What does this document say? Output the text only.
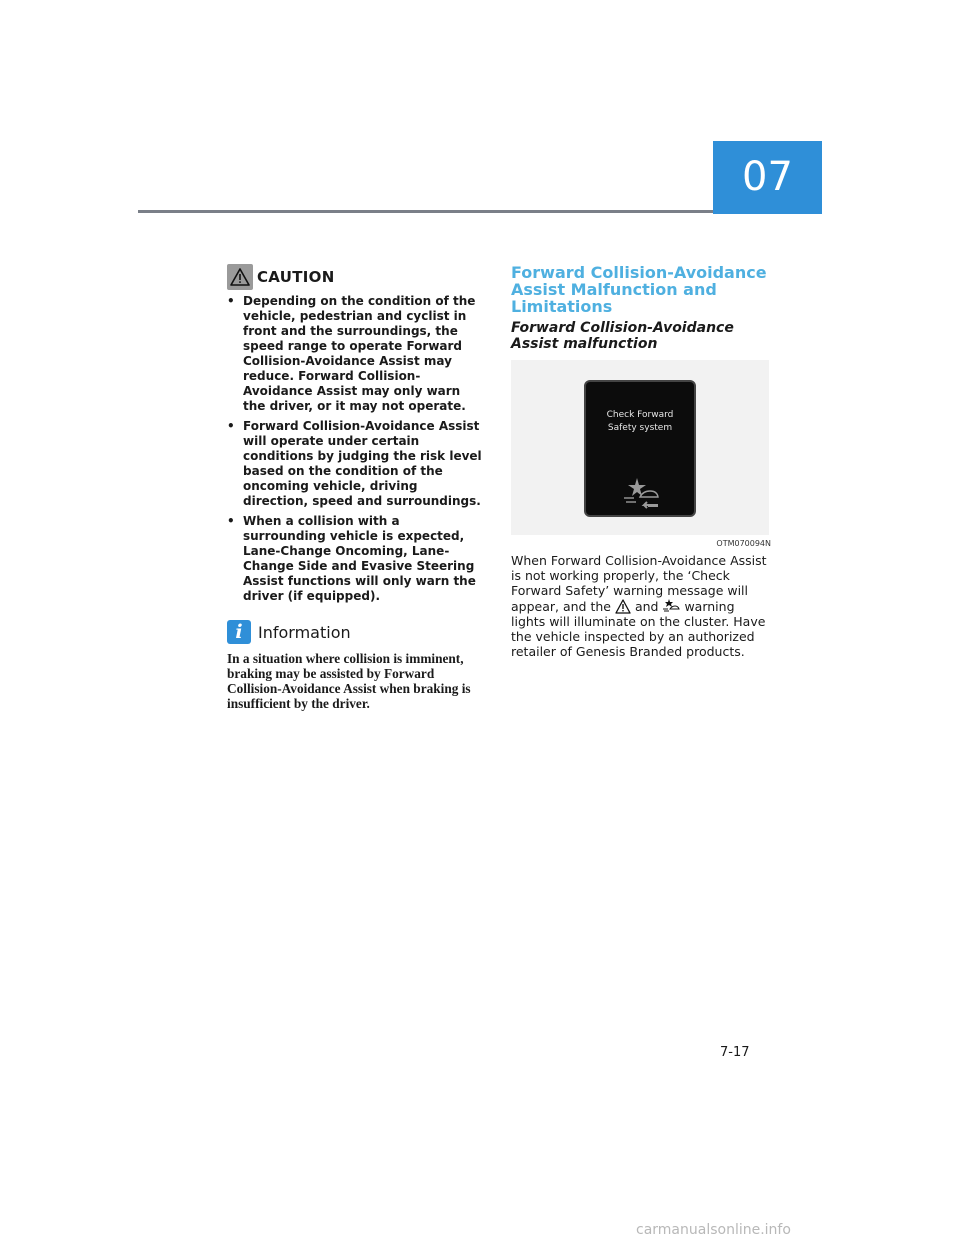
07
CAUTION
• Depending on the condition of the vehicle, pedestrian and cyclist in front and the surroundings, the speed range to operate Forward Collision-Avoidance Assist may reduce. Forward Collision-Avoidance Assist may only warn the driver, or it may not operate.
• Forward Collision-Avoidance Assist will operate under certain conditions by judging the risk level based on the condition of the oncoming vehicle, driving direction, speed and surroundings.
• When a collision with a surrounding vehicle is expected, Lane-Change Oncoming, Lane-Change Side and Evasive Steering Assist functions will only warn the driver (if equipped).
i Information
In a situation where collision is imminent, braking may be assisted by Forward Collision-Avoidance Assist when braking is insufficient by the driver.
Forward Collision-Avoidance Assist Malfunction and Limitations
Forward Collision-Avoidance Assist malfunction
Check Forward
Safety system
OTM070094N
When Forward Collision-Avoidance Assist is not working properly, the ‘Check Forward Safety’ warning message will appear, and the and warning lights will illuminate on the cluster. Have the vehicle inspected by an authorized retailer of Genesis Branded products.
7-17
carmanualsonline.info
